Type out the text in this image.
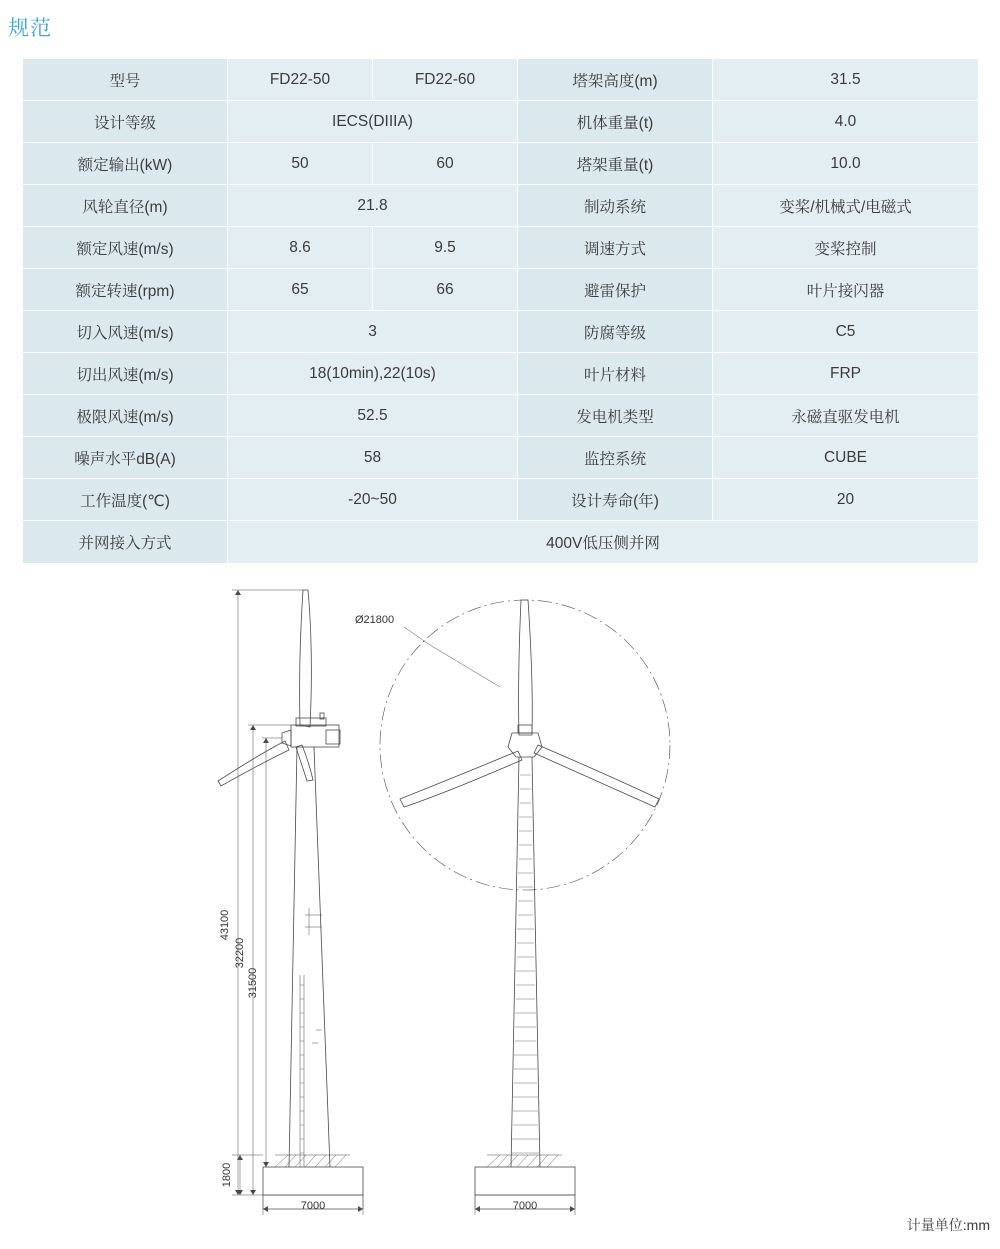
规范
型号	FD22-50	FD22-60	塔架高度(m)	31.5
设计等级	IECS(DIIIA)		机体重量(t)	4.0
额定输出(kW)	50	60	塔架重量(t)	10.0
风轮直径(m)	21.8		制动系统	变桨/机械式/电磁式
额定风速(m/s)	8.6	9.5	调速方式	变桨控制
额定转速(rpm)	65	66	避雷保护	叶片接闪器
切入风速(m/s)	3		防腐等级	C5
切出风速(m/s)	18(10min),22(10s)		叶片材料	FRP
极限风速(m/s)	52.5		发电机类型	永磁直驱发电机
噪声水平dB(A)	58		监控系统	CUBE
工作温度(℃)	-20~50		设计寿命(年)	20
并网接入方式	400V低压侧并网			
Ø21800
43100
32200
31500
1800
7000	7000
计量单位:mm
